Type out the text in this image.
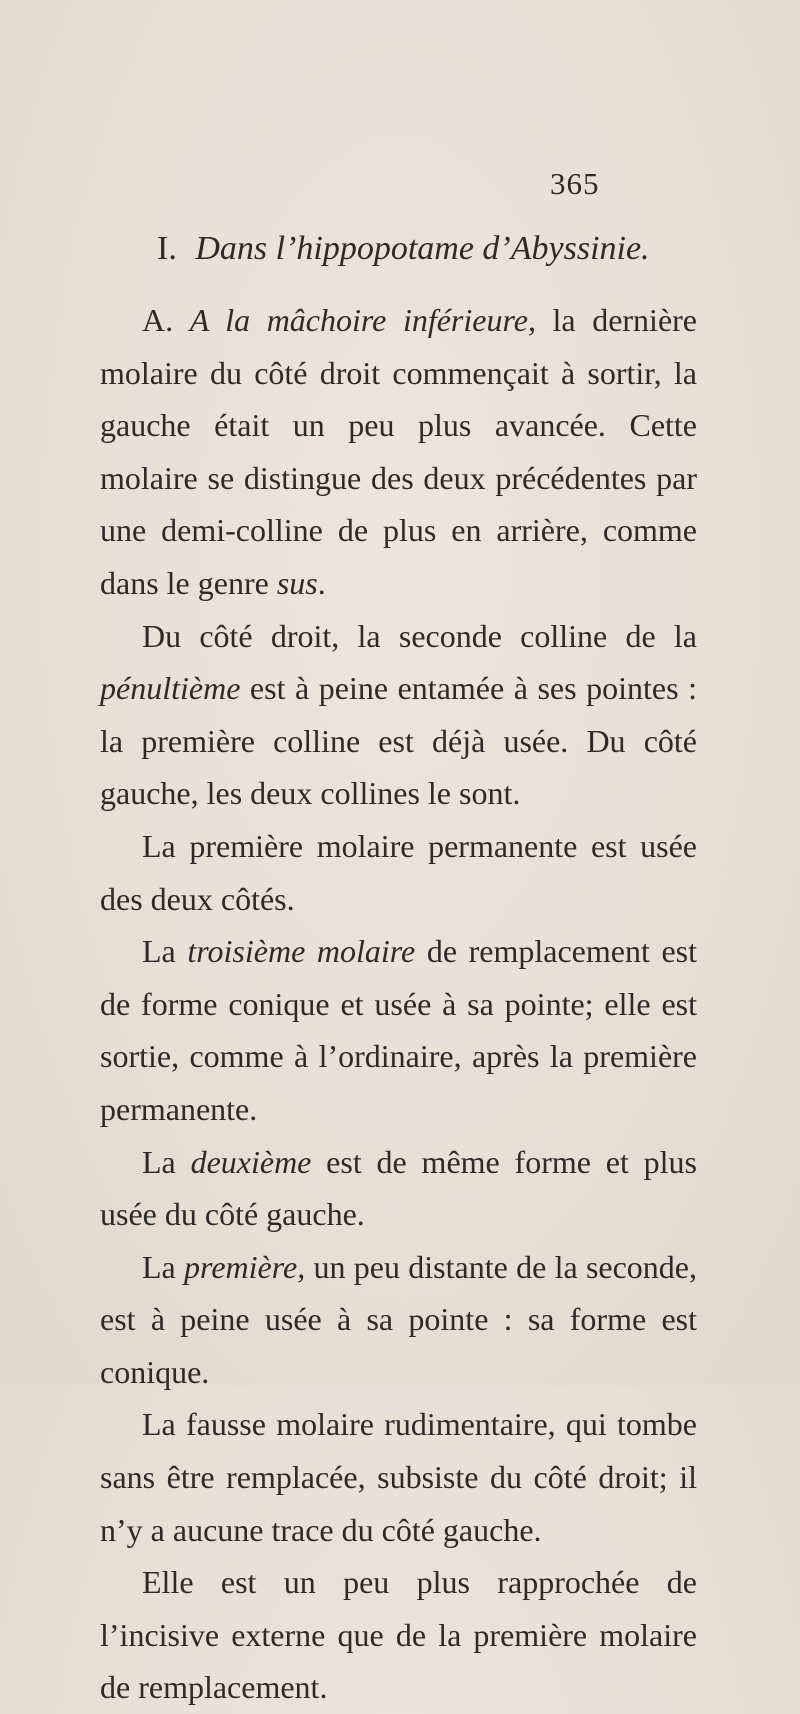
365
I. Dans l’hippopotame d’Abyssinie.

A. A la mâchoire inférieure, la dernière molaire du côté droit commençait à sortir, la gauche était un peu plus avancée. Cette molaire se distingue des deux précédentes par une demi-colline de plus en arrière, comme dans le genre sus.

Du côté droit, la seconde colline de la pénultième est à peine entamée à ses pointes : la première colline est déjà usée. Du côté gauche, les deux collines le sont.

La première molaire permanente est usée des deux côtés.

La troisième molaire de remplacement est de forme conique et usée à sa pointe; elle est sortie, comme à l’ordinaire, après la première permanente.

La deuxième est de même forme et plus usée du côté gauche.

La première, un peu distante de la seconde, est à peine usée à sa pointe : sa forme est conique.

La fausse molaire rudimentaire, qui tombe sans être remplacée, subsiste du côté droit; il n’y a aucune trace du côté gauche.

Elle est un peu plus rapprochée de l’incisive externe que de la première molaire de remplacement.
